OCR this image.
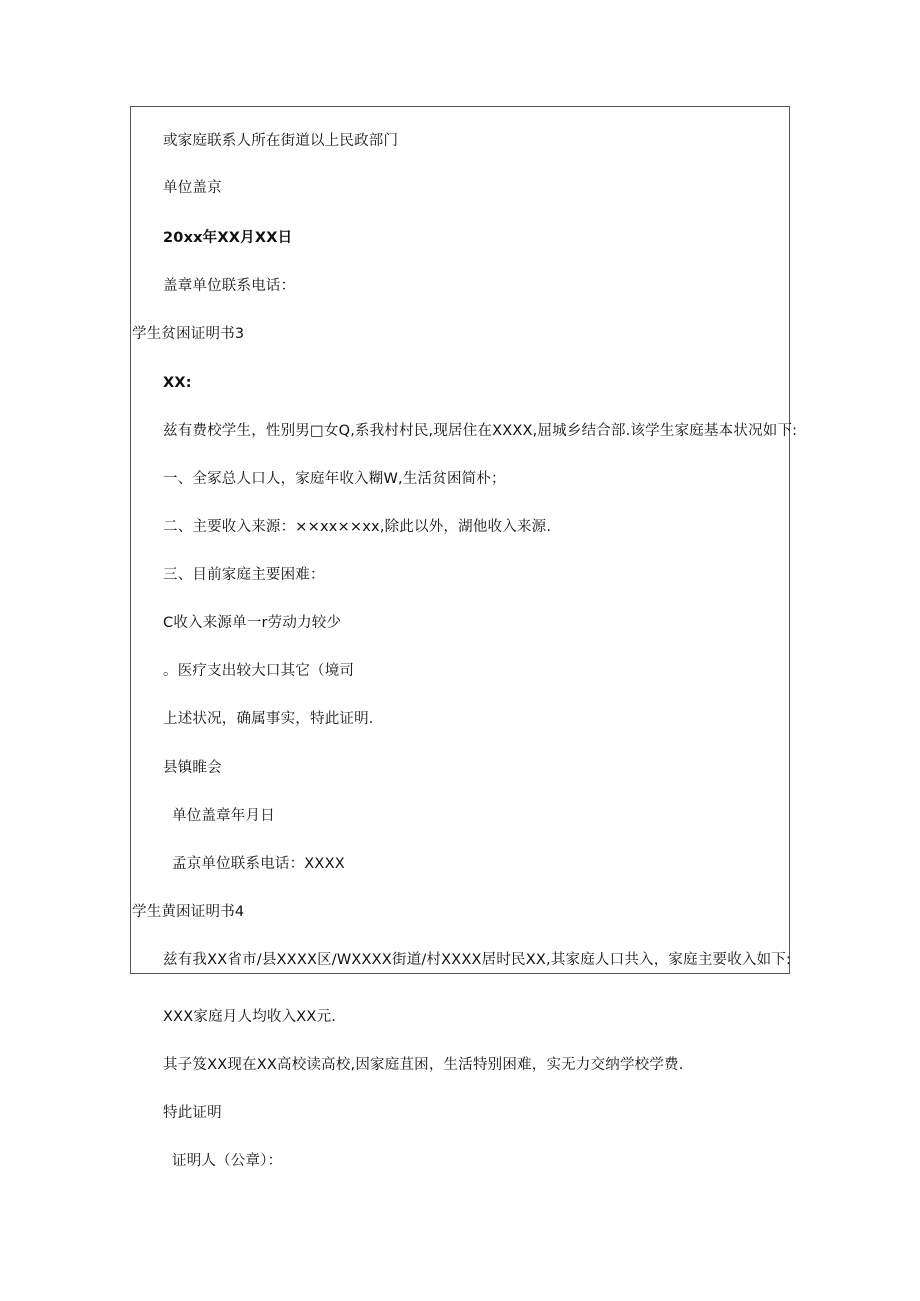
或家庭联系人所在街道以上民政部门

单位盖京

20xx年XX月XX日

盖章单位联系电话：

学生贫困证明书3

XX:

兹有费校学生，性别男□女Q,系我村村民,现居住在XXXX,屈城乡结合部.该学生家庭基本状况如下:

一、全冢总人口人，家庭年收入糊W,生活贫困简朴；

二、主要收入来源：××xx××xx,除此以外，湖他收入来源.

三、目前家庭主要困难：

C收入来源单一r劳动力较少

。医疗支出较大口其它（境司

上述状况，确属事实，特此证明.

县镇睢会

单位盖章年月日

孟京单位联系电话：XXXX

学生黄困证明书4

兹有我XX省市/县XXXX区/WXXXX街道/村XXXX居时民XX,其家庭人口共入，家庭主要收入如下:

XXX家庭月人均收入XX元.

其子笈XX现在XX高校读高校,因家庭苴困，生活特别困难，实无力交纳学校学费.

特此证明

证明人（公章）：
